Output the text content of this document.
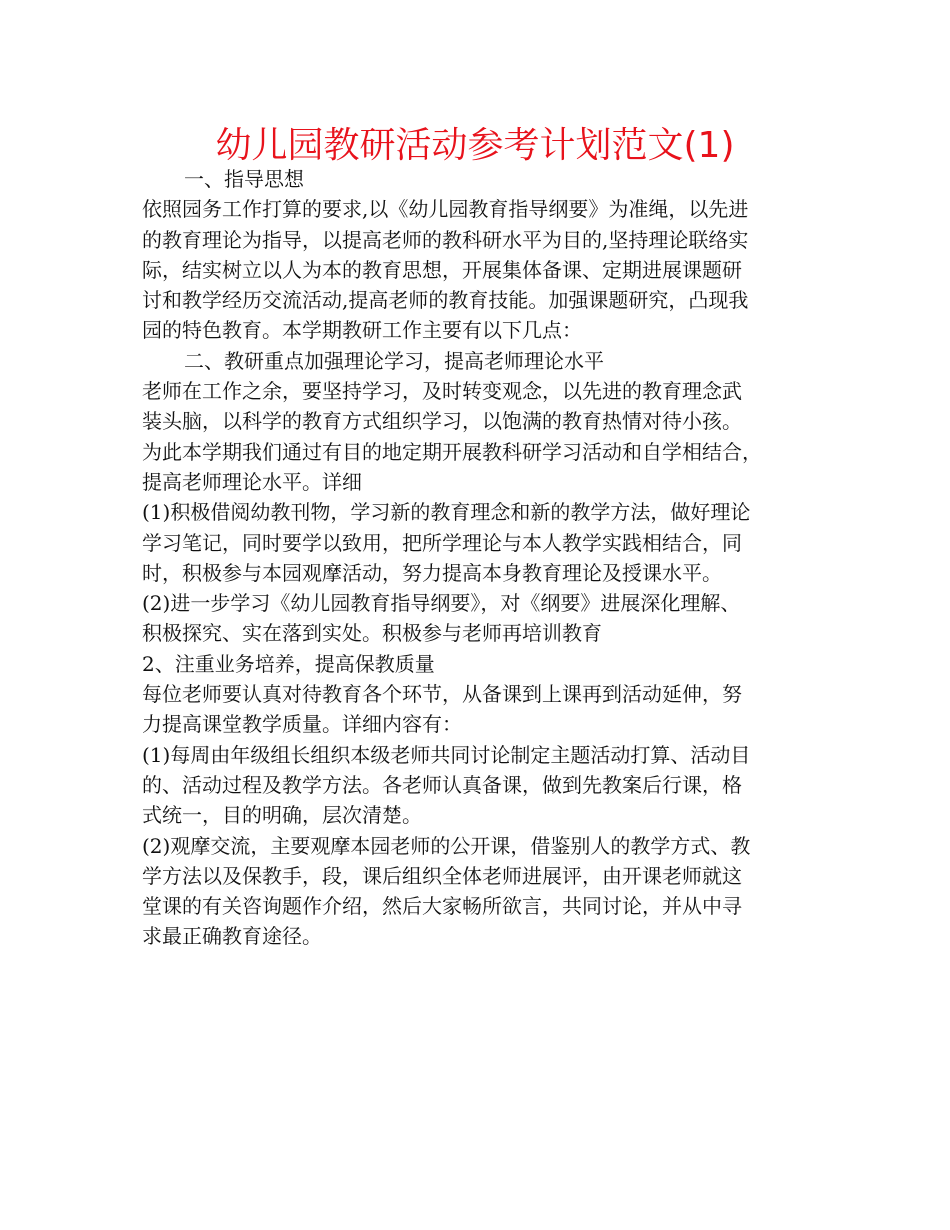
幼儿园教研活动参考计划范文(1)
一、指导思想
依照园务工作打算的要求,以《幼儿园教育指导纲要》为准绳，以先进
的教育理论为指导，以提高老师的教科研水平为目的,坚持理论联络实
际，结实树立以人为本的教育思想，开展集体备课、定期进展课题研
讨和教学经历交流活动,提高老师的教育技能。加强课题研究，凸现我
园的特色教育。本学期教研工作主要有以下几点：
二、教研重点加强理论学习，提高老师理论水平
老师在工作之余，要坚持学习，及时转变观念，以先进的教育理念武
装头脑，以科学的教育方式组织学习，以饱满的教育热情对待小孩。
为此本学期我们通过有目的地定期开展教科研学习活动和自学相结合，
提高老师理论水平。详细
(1)积极借阅幼教刊物，学习新的教育理念和新的教学方法，做好理论
学习笔记，同时要学以致用，把所学理论与本人教学实践相结合，同
时，积极参与本园观摩活动，努力提高本身教育理论及授课水平。
(2)进一步学习《幼儿园教育指导纲要》，对《纲要》进展深化理解、
积极探究、实在落到实处。积极参与老师再培训教育
2、注重业务培养，提高保教质量
每位老师要认真对待教育各个环节，从备课到上课再到活动延伸，努
力提高课堂教学质量。详细内容有：
(1)每周由年级组长组织本级老师共同讨论制定主题活动打算、活动目
的、活动过程及教学方法。各老师认真备课，做到先教案后行课，格
式统一，目的明确，层次清楚。
(2)观摩交流，主要观摩本园老师的公开课，借鉴别人的教学方式、教
学方法以及保教手，段，课后组织全体老师进展评，由开课老师就这
堂课的有关咨询题作介绍，然后大家畅所欲言，共同讨论，并从中寻
求最正确教育途径。
